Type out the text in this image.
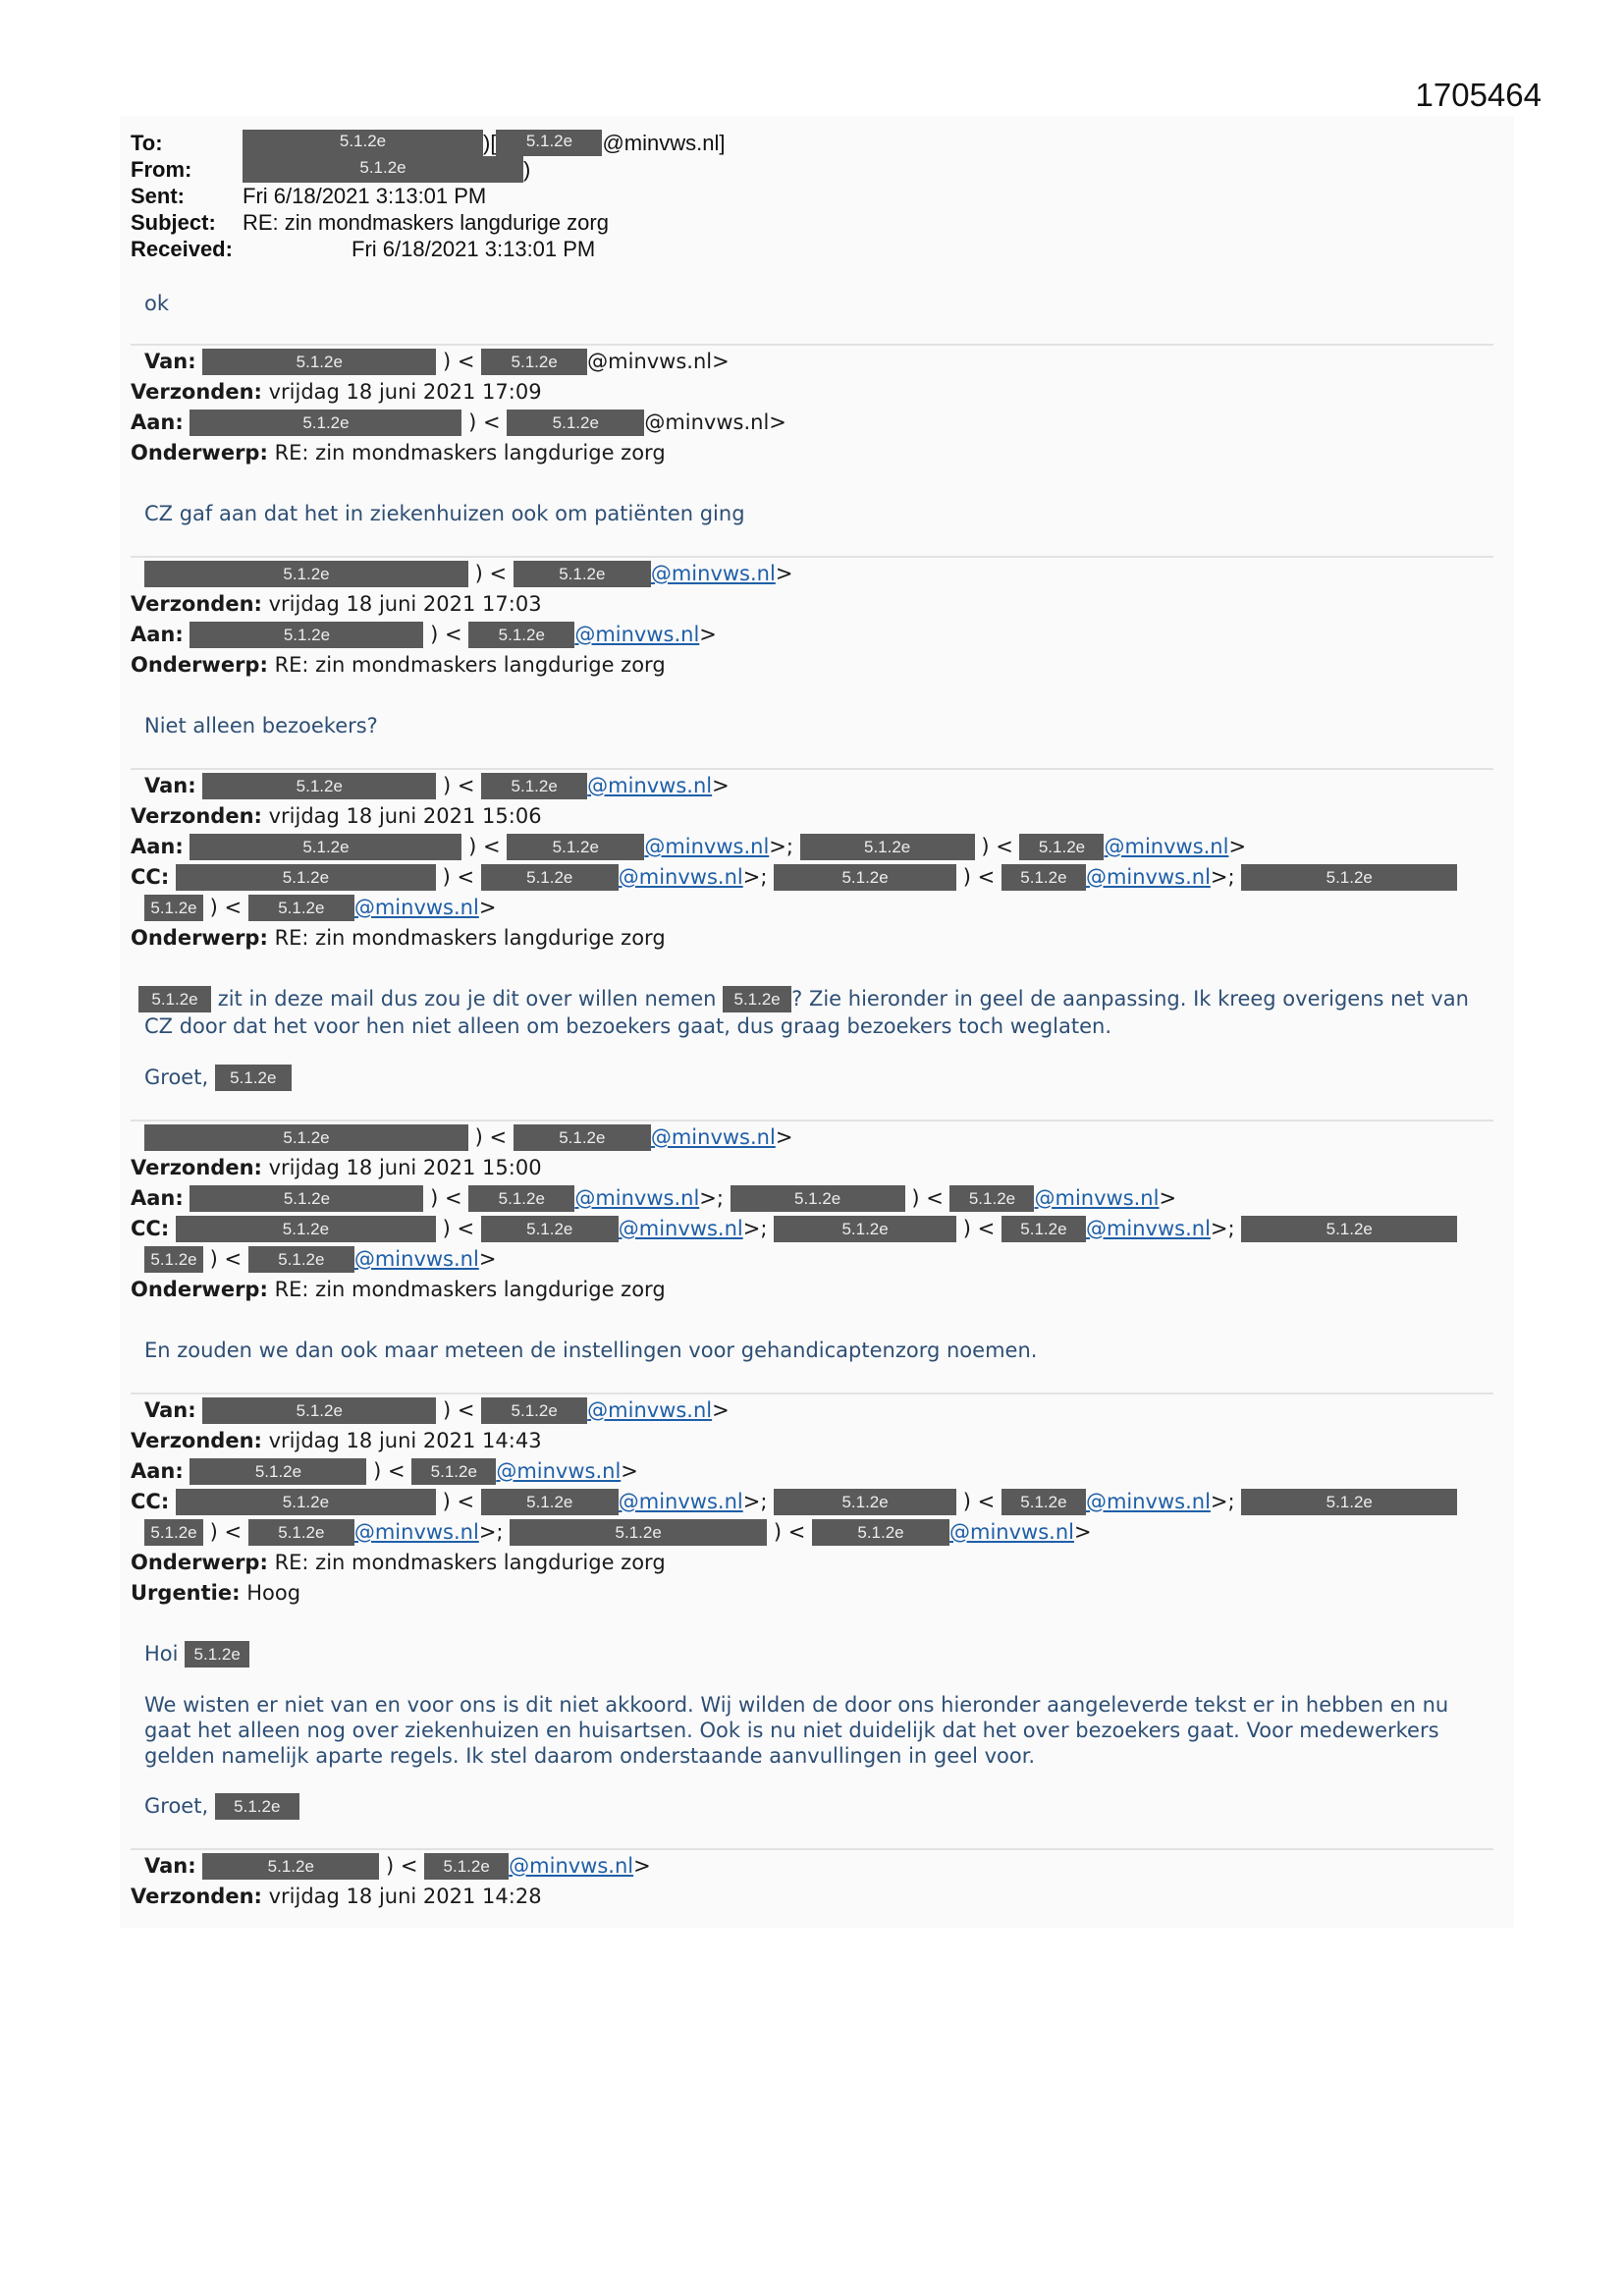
1705464
To:	5.1.2e	)[ 5.1.2e @minvws.nl]
From:	5.1.2e	)
Sent:	Fri 6/18/2021 3:13:01 PM
Subject: RE: zin mondmaskers langdurige zorg
Received:	Fri 6/18/2021 3:13:01 PM
ok
Van:	5.1.2e	) < 5.1.2e @minvws.nl>
Verzonden: vrijdag 18 juni 2021 17:09
Aan:	5.1.2e	) <	5.1.2e @minvws.nl>
Onderwerp: RE: zin mondmaskers langdurige zorg
CZ gaf aan dat het in ziekenhuizen ook om patiënten ging
5.1.2e	) <	5.1.2e @minvws.nl>
Verzonden: vrijdag 18 juni 2021 17:03
Aan:	5.1.2e	) < 5.1.2e @minvws.nl>
Onderwerp: RE: zin mondmaskers langdurige zorg
Niet alleen bezoekers?
Van:	5.1.2e	) < 5.1.2e @minvws.nl>
Verzonden: vrijdag 18 juni 2021 15:06
Aan:	5.1.2e	) <	5.1.2e @minvws.nl>;	5.1.2e	) < 5.1.2e @minvws.nl>
CC:	5.1.2e	) <	5.1.2e @minvws.nl>;	5.1.2e	) < 5.1.2e @minvws.nl>;	5.1.2e
5.1.2e ) < 5.1.2e @minvws.nl>
Onderwerp: RE: zin mondmaskers langdurige zorg
5.1.2e zit in deze mail dus zou je dit over willen nemen 5.1.2e ? Zie hieronder in geel de aanpassing. Ik kreeg overigens net van
CZ door dat het voor hen niet alleen om bezoekers gaat, dus graag bezoekers toch weglaten.
Groet, 5.1.2e
5.1.2e	) <	5.1.2e @minvws.nl>
Verzonden: vrijdag 18 juni 2021 15:00
Aan:	5.1.2e	) < 5.1.2e @minvws.nl>;	5.1.2e	) < 5.1.2e @minvws.nl>
CC:	5.1.2e	) <	5.1.2e @minvws.nl>;	5.1.2e	) < 5.1.2e @minvws.nl>;	5.1.2e
5.1.2e ) < 5.1.2e @minvws.nl>
Onderwerp: RE: zin mondmaskers langdurige zorg
En zouden we dan ook maar meteen de instellingen voor gehandicaptenzorg noemen.
Van:	5.1.2e	) < 5.1.2e @minvws.nl>
Verzonden: vrijdag 18 juni 2021 14:43
Aan:	5.1.2e	) < 5.1.2e @minvws.nl>
CC:	5.1.2e	) <	5.1.2e @minvws.nl>;	5.1.2e	) < 5.1.2e @minvws.nl>;	5.1.2e
5.1.2e ) < 5.1.2e @minvws.nl>;	5.1.2e	) <	5.1.2e @minvws.nl>
Onderwerp: RE: zin mondmaskers langdurige zorg
Urgentie: Hoog
Hoi 5.1.2e
We wisten er niet van en voor ons is dit niet akkoord. Wij wilden de door ons hieronder aangeleverde tekst er in hebben en nu
gaat het alleen nog over ziekenhuizen en huisartsen. Ook is nu niet duidelijk dat het over bezoekers gaat. Voor medewerkers
gelden namelijk aparte regels. Ik stel daarom onderstaande aanvullingen in geel voor.
Groet, 5.1.2e
Van:	5.1.2e	) < 5.1.2e @minvws.nl>
Verzonden: vrijdag 18 juni 2021 14:28
